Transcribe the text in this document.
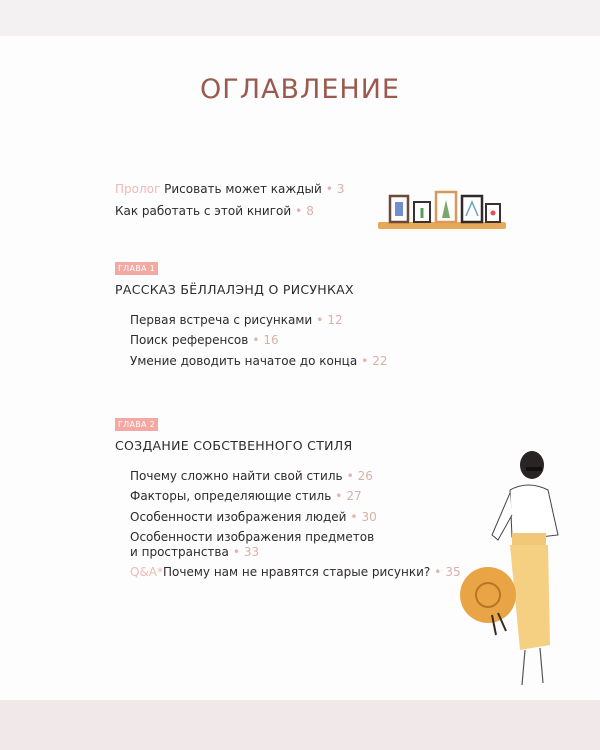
ОГЛАВЛЕНИЕ
Пролог Рисовать может каждый • 3
Как работать с этой книгой • 8
ГЛАВА 1
РАССКАЗ БЁЛЛАЛЭНД О РИСУНКАХ
Первая встреча с рисунками • 12
Поиск референсов • 16
Умение доводить начатое до конца • 22
ГЛАВА 2
СОЗДАНИЕ СОБСТВЕННОГО СТИЛЯ
Почему сложно найти свой стиль • 26
Факторы, определяющие стиль • 27
Особенности изображения людей • 30
Особенности изображения предметов
и пространства • 33
Q&A*Почему нам не нравятся старые рисунки? • 35
